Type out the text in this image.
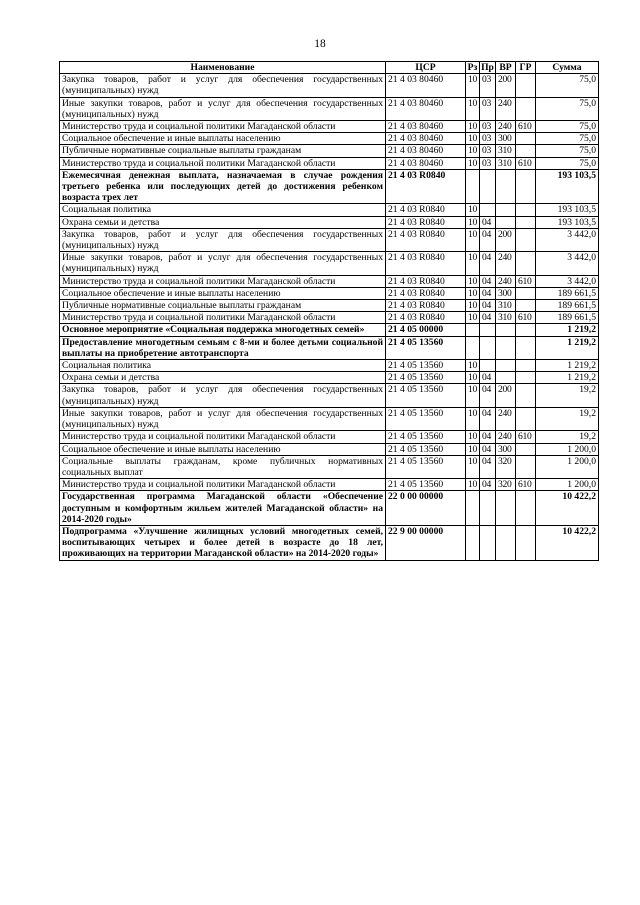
18
Наименование	ЦСР	Рз	Пр	ВР	ГР	Сумма
Закупка товаров, работ и услуг для обеспечения государственных (муниципальных) нужд	21 4 03 80460	10	03	200		75,0
Иные закупки товаров, работ и услуг для обеспечения государственных (муниципальных) нужд	21 4 03 80460	10	03	240		75,0
Министерство труда и социальной политики Магаданской области	21 4 03 80460	10	03	240	610	75,0
Социальное обеспечение и иные выплаты населению	21 4 03 80460	10	03	300		75,0
Публичные нормативные социальные выплаты гражданам	21 4 03 80460	10	03	310		75,0
Министерство труда и социальной политики Магаданской области	21 4 03 80460	10	03	310	610	75,0
Ежемесячная денежная выплата, назначаемая в случае рождения третьего ребенка или последующих детей до достижения ребенком возраста трех лет	21 4 03 R0840					193 103,5
Социальная политика	21 4 03 R0840	10				193 103,5
Охрана семьи и детства	21 4 03 R0840	10	04			193 103,5
Закупка товаров, работ и услуг для обеспечения государственных (муниципальных) нужд	21 4 03 R0840	10	04	200		3 442,0
Иные закупки товаров, работ и услуг для обеспечения государственных (муниципальных) нужд	21 4 03 R0840	10	04	240		3 442,0
Министерство труда и социальной политики Магаданской области	21 4 03 R0840	10	04	240	610	3 442,0
Социальное обеспечение и иные выплаты населению	21 4 03 R0840	10	04	300		189 661,5
Публичные нормативные социальные выплаты гражданам	21 4 03 R0840	10	04	310		189 661,5
Министерство труда и социальной политики Магаданской области	21 4 03 R0840	10	04	310	610	189 661,5
Основное мероприятие «Социальная поддержка многодетных семей»	21 4 05 00000					1 219,2
Предоставление многодетным семьям с 8-ми и более детьми социальной выплаты на приобретение автотранспорта	21 4 05 13560					1 219,2
Социальная политика	21 4 05 13560	10				1 219,2
Охрана семьи и детства	21 4 05 13560	10	04			1 219,2
Закупка товаров, работ и услуг для обеспечения государственных (муниципальных) нужд	21 4 05 13560	10	04	200		19,2
Иные закупки товаров, работ и услуг для обеспечения государственных (муниципальных) нужд	21 4 05 13560	10	04	240		19,2
Министерство труда и социальной политики Магаданской области	21 4 05 13560	10	04	240	610	19,2
Социальное обеспечение и иные выплаты населению	21 4 05 13560	10	04	300		1 200,0
Социальные выплаты гражданам, кроме публичных нормативных социальных выплат	21 4 05 13560	10	04	320		1 200,0
Министерство труда и социальной политики Магаданской области	21 4 05 13560	10	04	320	610	1 200,0
Государственная программа Магаданской области «Обеспечение доступным и комфортным жильем жителей Магаданской области» на 2014-2020 годы»	22 0 00 00000					10 422,2
Подпрограмма «Улучшение жилищных условий многодетных семей, воспитывающих четырех и более детей в возрасте до 18 лет, проживающих на территории Магаданской области» на 2014-2020 годы»	22 9 00 00000					10 422,2
